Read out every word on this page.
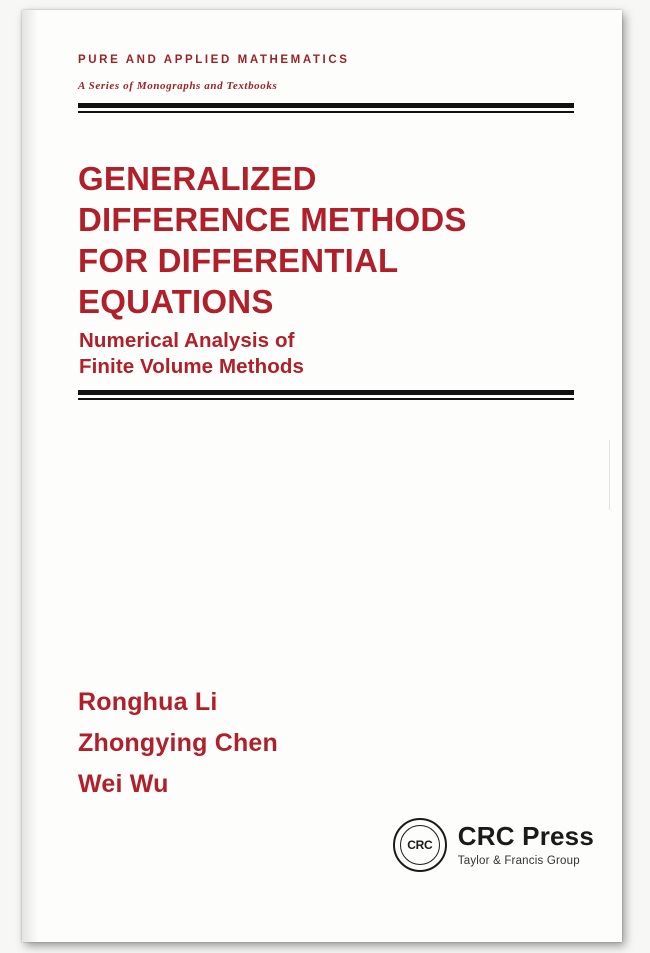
PURE AND APPLIED MATHEMATICS
A Series of Monographs and Textbooks
GENERALIZED
DIFFERENCE METHODS
FOR DIFFERENTIAL
EQUATIONS
Numerical Analysis of
Finite Volume Methods
Ronghua Li
Zhongying Chen
Wei Wu
CRC CRC Press
Taylor & Francis Group
